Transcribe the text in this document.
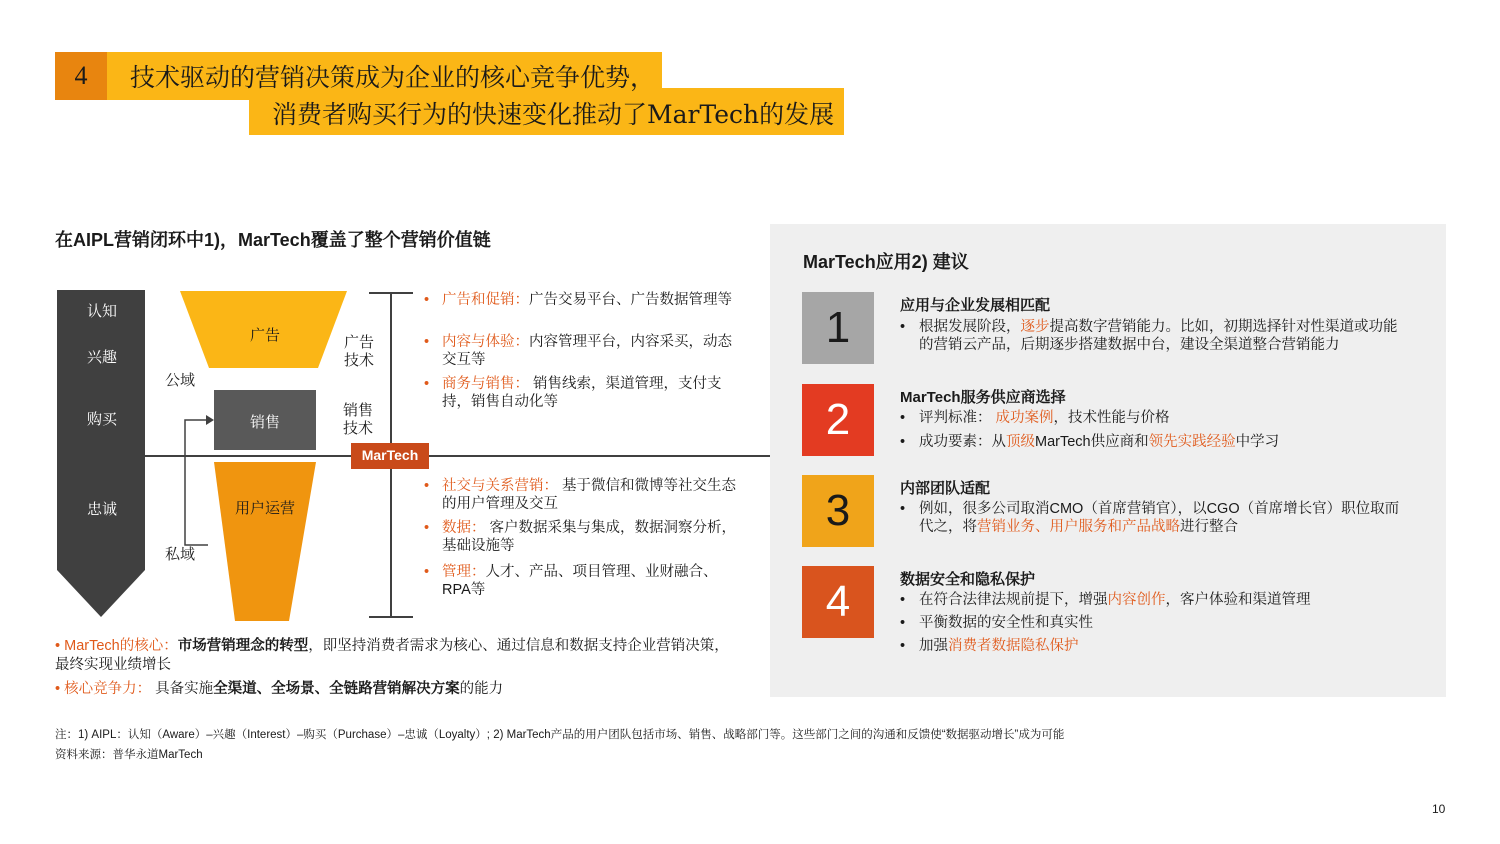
4	技术驱动的营销决策成为企业的核心竞争优势，
消费者购买行为的快速变化推动了MarTech的发展
在AIPL营销闭环中1)，MarTech覆盖了整个营销价值链
认知
兴趣
购买
忠诚
广告
销售
用户运营
公域
私域
广告
技术
销售
技术
MarTech
• 广告和促销：广告交易平台、广告数据管理等
• 内容与体验：内容管理平台，内容采买，动态交互等
• 商务与销售： 销售线索，渠道管理，支付支持，销售自动化等
• 社交与关系营销： 基于微信和微博等社交生态的用户管理及交互
• 数据： 客户数据采集与集成，数据洞察分析，基础设施等
• 管理：人才、产品、项目管理、业财融合、RPA等
• MarTech的核心：市场营销理念的转型，即坚持消费者需求为核心、通过信息和数据支持企业营销决策，最终实现业绩增长
• 核心竞争力： 具备实施全渠道、全场景、全链路营销解决方案的能力
MarTech应用2) 建议
1	应用与企业发展相匹配
• 根据发展阶段，逐步提高数字营销能力。比如，初期选择针对性渠道或功能的营销云产品，后期逐步搭建数据中台，建设全渠道整合营销能力
2	MarTech服务供应商选择
• 评判标准： 成功案例，技术性能与价格
• 成功要素：从顶级MarTech供应商和领先实践经验中学习
3	内部团队适配
• 例如，很多公司取消CMO（首席营销官），以CGO（首席增长官）职位取而代之，将营销业务、用户服务和产品战略进行整合
4	数据安全和隐私保护
• 在符合法律法规前提下，增强内容创作，客户体验和渠道管理
• 平衡数据的安全性和真实性
• 加强消费者数据隐私保护
注：1) AIPL：认知（Aware）–兴趣（Interest）–购买（Purchase）–忠诚（Loyalty）; 2) MarTech产品的用户团队包括市场、销售、战略部门等。这些部门之间的沟通和反馈使“数据驱动增长”成为可能
资料来源：普华永道MarTech
10
